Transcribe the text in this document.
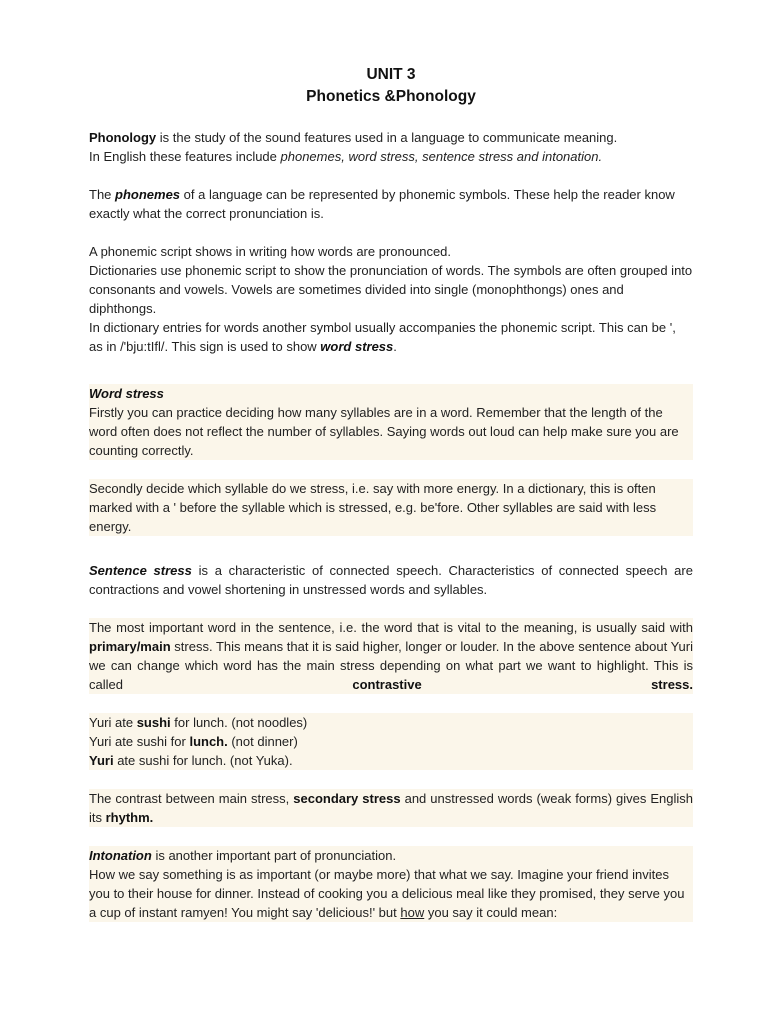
UNIT 3
Phonetics &Phonology

Phonology is the study of the sound features used in a language to communicate meaning.
In English these features include phonemes, word stress, sentence stress and intonation.

The phonemes of a language can be represented by phonemic symbols. These help the reader know exactly what the correct pronunciation is.

A phonemic script shows in writing how words are pronounced.
Dictionaries use phonemic script to show the pronunciation of words. The symbols are often grouped into consonants and vowels. Vowels are sometimes divided into single (monophthongs) ones and diphthongs.
In dictionary entries for words another symbol usually accompanies the phonemic script. This can be ', as in /'bju:tIfl/. This sign is used to show word stress.

Word stress

Firstly you can practice deciding how many syllables are in a word. Remember that the length of the word often does not reflect the number of syllables. Saying words out loud can help make sure you are counting correctly.

Secondly decide which syllable do we stress, i.e. say with more energy. In a dictionary, this is often marked with a ' before the syllable which is stressed, e.g. be'fore. Other syllables are said with less energy.

Sentence stress is a characteristic of connected speech. Characteristics of connected speech are contractions and vowel shortening in unstressed words and syllables.

The most important word in the sentence, i.e. the word that is vital to the meaning, is usually said with primary/main stress. This means that it is said higher, longer or louder. In the above sentence about Yuri we can change which word has the main stress depending on what part we want to highlight. This is called contrastive stress.

Yuri ate sushi for lunch. (not noodles)
Yuri ate sushi for lunch. (not dinner)
Yuri ate sushi for lunch. (not Yuka).

The contrast between main stress, secondary stress and unstressed words (weak forms) gives English its rhythm.

Intonation is another important part of pronunciation.
How we say something is as important (or maybe more) that what we say. Imagine your friend invites you to their house for dinner. Instead of cooking you a delicious meal like they promised, they serve you a cup of instant ramyen! You might say 'delicious!' but how you say it could mean:
